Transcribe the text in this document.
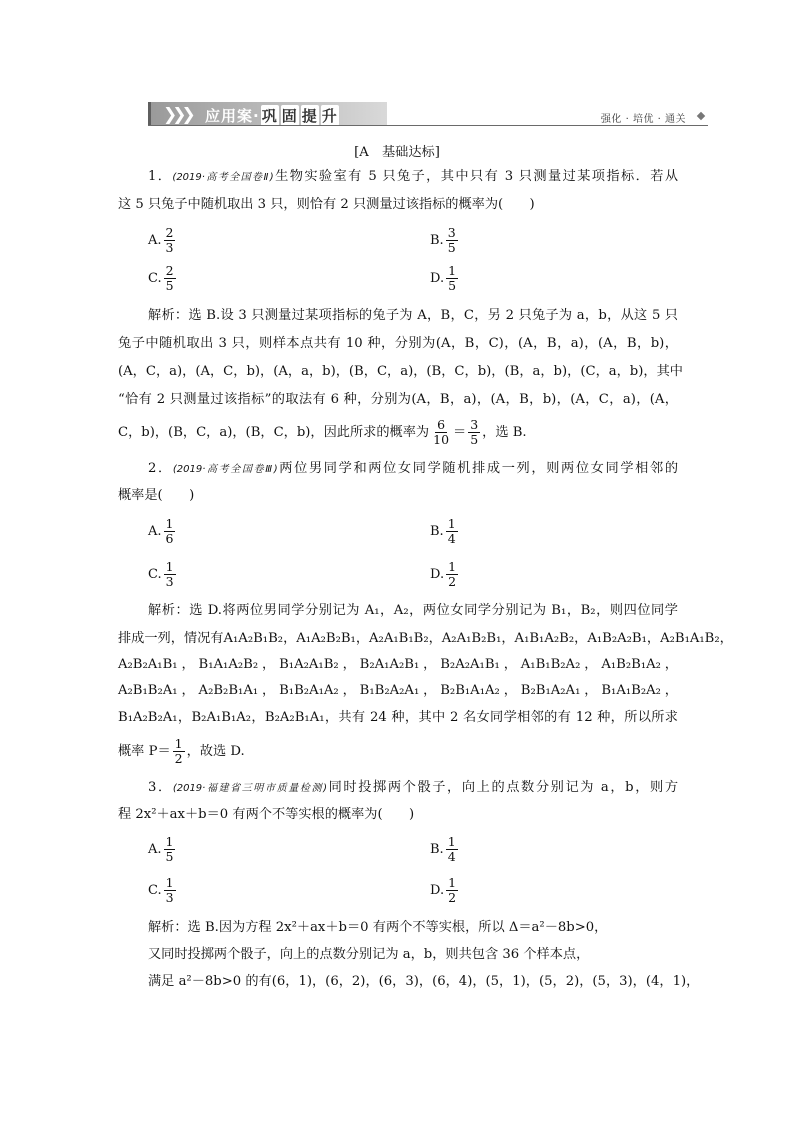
❯❯❯ 应用案· 巩 固 提 升	强化 · 培优 · 通关
[A　基础达标]
1．(2019·高考全国卷Ⅱ)生物实验室有 5 只兔子，其中只有 3 只测量过某项指标．若从
这 5 只兔子中随机取出 3 只，则恰有 2 只测量过该指标的概率为(　　)
A. $\frac{2}{3}$	B. $\frac{3}{5}$
C. $\frac{2}{5}$	D. $\frac{1}{5}$
解析：选 B.设 3 只测量过某项指标的兔子为 A，B，C，另 2 只兔子为 a，b，从这 5 只
兔子中随机取出 3 只，则样本点共有 10 种，分别为(A，B，C)，(A，B，a)，(A，B，b)，
(A，C，a)，(A，C，b)，(A，a，b)，(B，C，a)，(B，C，b)，(B，a，b)，(C，a，b)，其中
“恰有 2 只测量过该指标”的取法有 6 种，分别为(A，B，a)，(A，B，b)，(A，C，a)，(A，
C，b)，(B，C，a)，(B，C，b)，因此所求的概率为 $\frac{6}{10} = \frac{3}{5}$ ，选 B.
2．(2019·高考全国卷Ⅲ)两位男同学和两位女同学随机排成一列，则两位女同学相邻的
概率是(　　)
A. $\frac{1}{6}$	B. $\frac{1}{4}$
C. $\frac{1}{3}$	D. $\frac{1}{2}$
解析：选 D.将两位男同学分别记为 A₁，A₂，两位女同学分别记为 B₁，B₂，则四位同学
排成一列，情况有A₁A₂B₁B₂，A₁A₂B₂B₁，A₂A₁B₁B₂，A₂A₁B₂B₁，A₁B₁A₂B₂，A₁B₂A₂B₁，A₂B₁A₁B₂，
A₂B₂A₁B₁，B₁A₁A₂B₂，B₁A₂A₁B₂，B₂A₁A₂B₁，B₂A₂A₁B₁，A₁B₁B₂A₂，A₁B₂B₁A₂，
A₂B₁B₂A₁，A₂B₂B₁A₁，B₁B₂A₁A₂，B₁B₂A₂A₁，B₂B₁A₁A₂，B₂B₁A₂A₁，B₁A₁B₂A₂，
B₁A₂B₂A₁，B₂A₁B₁A₂，B₂A₂B₁A₁，共有 24 种，其中 2 名女同学相邻的有 12 种，所以所求
概率 $P= \frac{1}{2}$ ，故选 D.
3．(2019·福建省三明市质量检测)同时投掷两个骰子，向上的点数分别记为 a，b，则方
程 2x²＋ax＋b＝0 有两个不等实根的概率为(　　)
A. $\frac{1}{5}$	B. $\frac{1}{4}$
C. $\frac{1}{3}$	D. $\frac{1}{2}$
解析：选 B.因为方程 2x²＋ax＋b＝0 有两个不等实根，所以 Δ＝a²－8b>0，
又同时投掷两个骰子，向上的点数分别记为 a，b，则共包含 36 个样本点，
满足 a²－8b>0 的有(6，1)，(6，2)，(6，3)，(6，4)，(5，1)，(5，2)，(5，3)，(4，1)，
